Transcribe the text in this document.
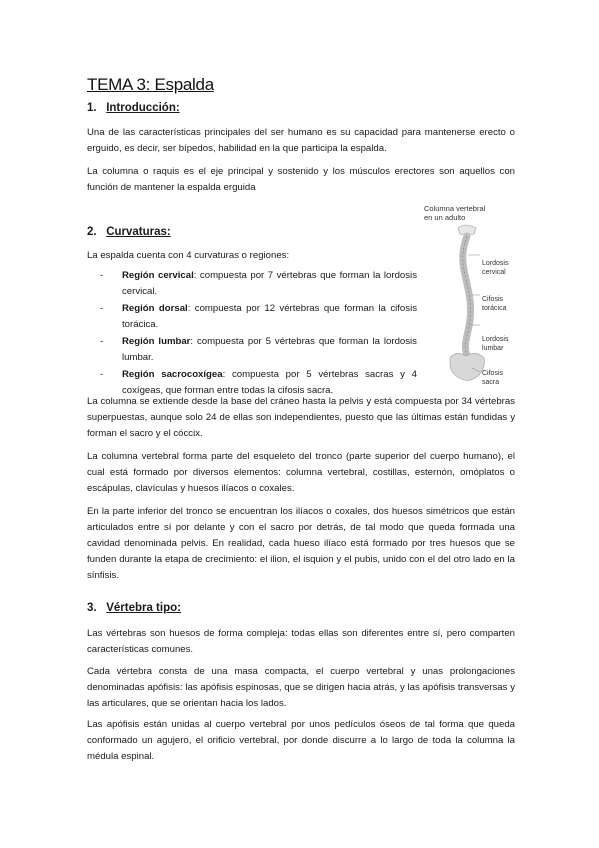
TEMA 3: Espalda
1. Introducción:
Una de las características principales del ser humano es su capacidad para mantenerse erecto o erguido, es decir, ser bípedos, habilidad en la que participa la espalda.
La columna o raquis es el eje principal y sostenido y los músculos erectores son aquellos con función de mantener la espalda erguida
2. Curvaturas:
La espalda cuenta con 4 curvaturas o regiones:
- Región cervical: compuesta por 7 vértebras que forman la lordosis cervical.
- Región dorsal: compuesta por 12 vértebras que forman la cifosis torácica.
- Región lumbar: compuesta por 5 vértebras que forman la lordosis lumbar.
- Región sacrocoxígea: compuesta por 5 vértebras sacras y 4 coxígeas, que forman entre todas la cifosis sacra.
Columna vertebral
en un adulto
Lordosis
cervical
Cifosis
torácica
Lordosis
lumbar
Cifosis
sacra
La columna se extiende desde la base del cráneo hasta la pelvis y está compuesta por 34 vértebras superpuestas, aunque solo 24 de ellas son independientes, puesto que las últimas están fundidas y forman el sacro y el cóccix.
La columna vertebral forma parte del esqueleto del tronco (parte superior del cuerpo humano), el cual está formado por diversos elementos: columna vertebral, costillas, esternón, omóplatos o escápulas, clavículas y huesos ilíacos o coxales.
En la parte inferior del tronco se encuentran los ilíacos o coxales, dos huesos simétricos que están articulados entre sí por delante y con el sacro por detrás, de tal modo que queda formada una cavidad denominada pelvis. En realidad, cada hueso ilíaco está formado por tres huesos que se funden durante la etapa de crecimiento: el ilion, el isquion y el pubis, unido con el del otro lado en la sínfisis.
3. Vértebra tipo:
Las vértebras son huesos de forma compleja: todas ellas son diferentes entre sí, pero comparten características comunes.
Cada vértebra consta de una masa compacta, el cuerpo vertebral y unas prolongaciones denominadas apófisis: las apófisis espinosas, que se dirigen hacia atrás, y las apófisis transversas y las articulares, que se orientan hacia los lados.
Las apófisis están unidas al cuerpo vertebral por unos pedículos óseos de tal forma que queda conformado un agujero, el orificio vertebral, por donde discurre a lo largo de toda la columna la médula espinal.
